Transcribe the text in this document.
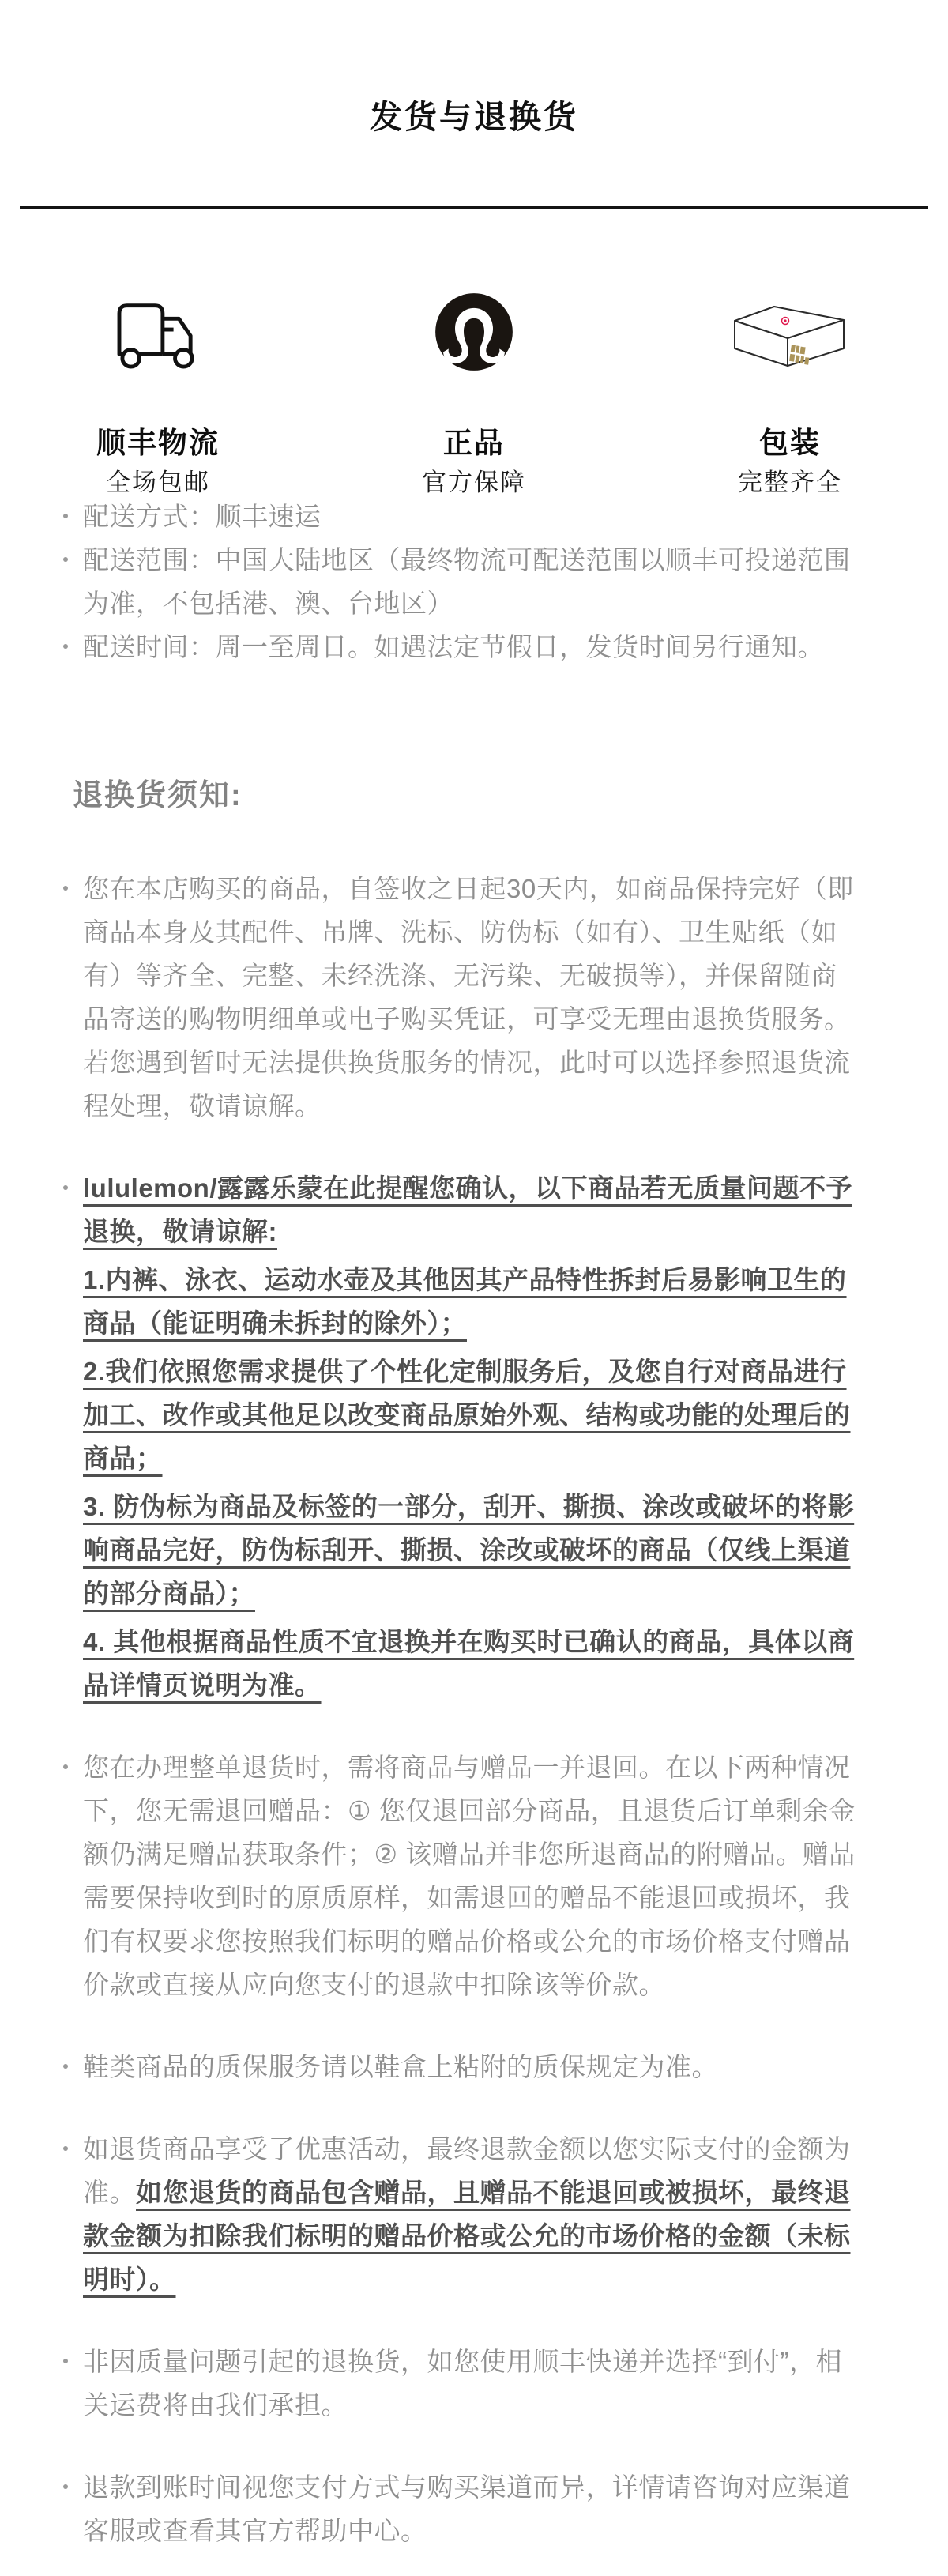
发货与退换货
顺丰物流
全场包邮
正品
官方保障
包装
完整齐全
配送方式：顺丰速运
配送范围：中国大陆地区（最终物流可配送范围以顺丰可投递范围为准，不包括港、澳、台地区）
配送时间：周一至周日。如遇法定节假日，发货时间另行通知。
退换货须知:
您在本店购买的商品，自签收之日起30天内，如商品保持完好（即商品本身及其配件、吊牌、洗标、防伪标（如有）、卫生贴纸（如有）等齐全、完整、未经洗涤、无污染、无破损等），并保留随商品寄送的购物明细单或电子购买凭证，可享受无理由退换货服务。若您遇到暂时无法提供换货服务的情况，此时可以选择参照退货流程处理，敬请谅解。
lululemon/露露乐蒙在此提醒您确认，以下商品若无质量问题不予退换，敬请谅解:
1.内裤、泳衣、运动水壶及其他因其产品特性拆封后易影响卫生的商品（能证明确未拆封的除外）；
2.我们依照您需求提供了个性化定制服务后，及您自行对商品进行加工、改作或其他足以改变商品原始外观、结构或功能的处理后的商品；
3. 防伪标为商品及标签的一部分，刮开、撕损、涂改或破坏的将影响商品完好，防伪标刮开、撕损、涂改或破坏的商品（仅线上渠道的部分商品）；
4. 其他根据商品性质不宜退换并在购买时已确认的商品，具体以商品详情页说明为准。
您在办理整单退货时，需将商品与赠品一并退回。在以下两种情况下，您无需退回赠品：① 您仅退回部分商品，且退货后订单剩余金额仍满足赠品获取条件；② 该赠品并非您所退商品的附赠品。赠品需要保持收到时的原质原样，如需退回的赠品不能退回或损坏，我们有权要求您按照我们标明的赠品价格或公允的市场价格支付赠品价款或直接从应向您支付的退款中扣除该等价款。
鞋类商品的质保服务请以鞋盒上粘附的质保规定为准。
如退货商品享受了优惠活动，最终退款金额以您实际支付的金额为准。如您退货的商品包含赠品，且赠品不能退回或被损坏，最终退款金额为扣除我们标明的赠品价格或公允的市场价格的金额（未标明时）。
非因质量问题引起的退换货，如您使用顺丰快递并选择“到付”，相关运费将由我们承担。
退款到账时间视您支付方式与购买渠道而异，详情请咨询对应渠道客服或查看其官方帮助中心。
